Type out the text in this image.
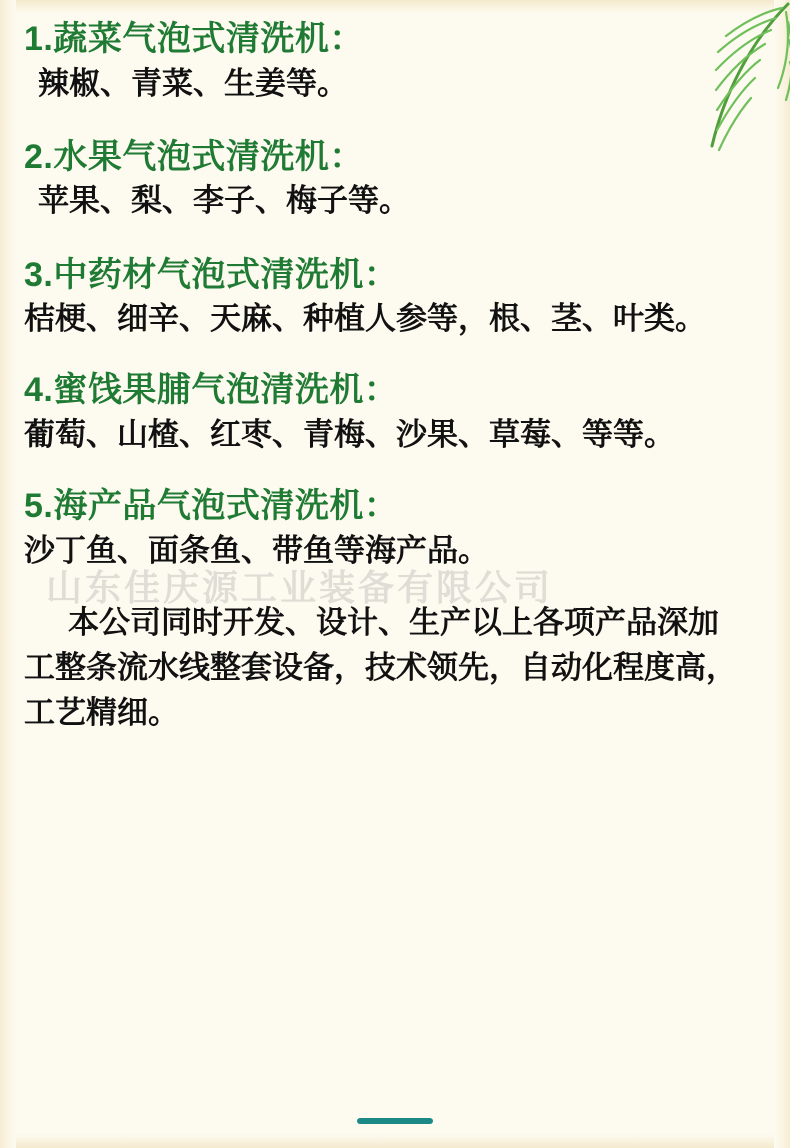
山东佳庆源工业装备有限公司

1.蔬菜气泡式清洗机：

辣椒、青菜、生姜等。

2.水果气泡式清洗机：

苹果、梨、李子、梅子等。

3.中药材气泡式清洗机：

桔梗、细辛、天麻、种植人参等，根、茎、叶类。

4.蜜饯果脯气泡清洗机：

葡萄、山楂、红枣、青梅、沙果、草莓、等等。

5.海产品气泡式清洗机：

沙丁鱼、面条鱼、带鱼等海产品。

本公司同时开发、设计、生产以上各项产品深加工整条流水线整套设备，技术领先，自动化程度高，工艺精细。
